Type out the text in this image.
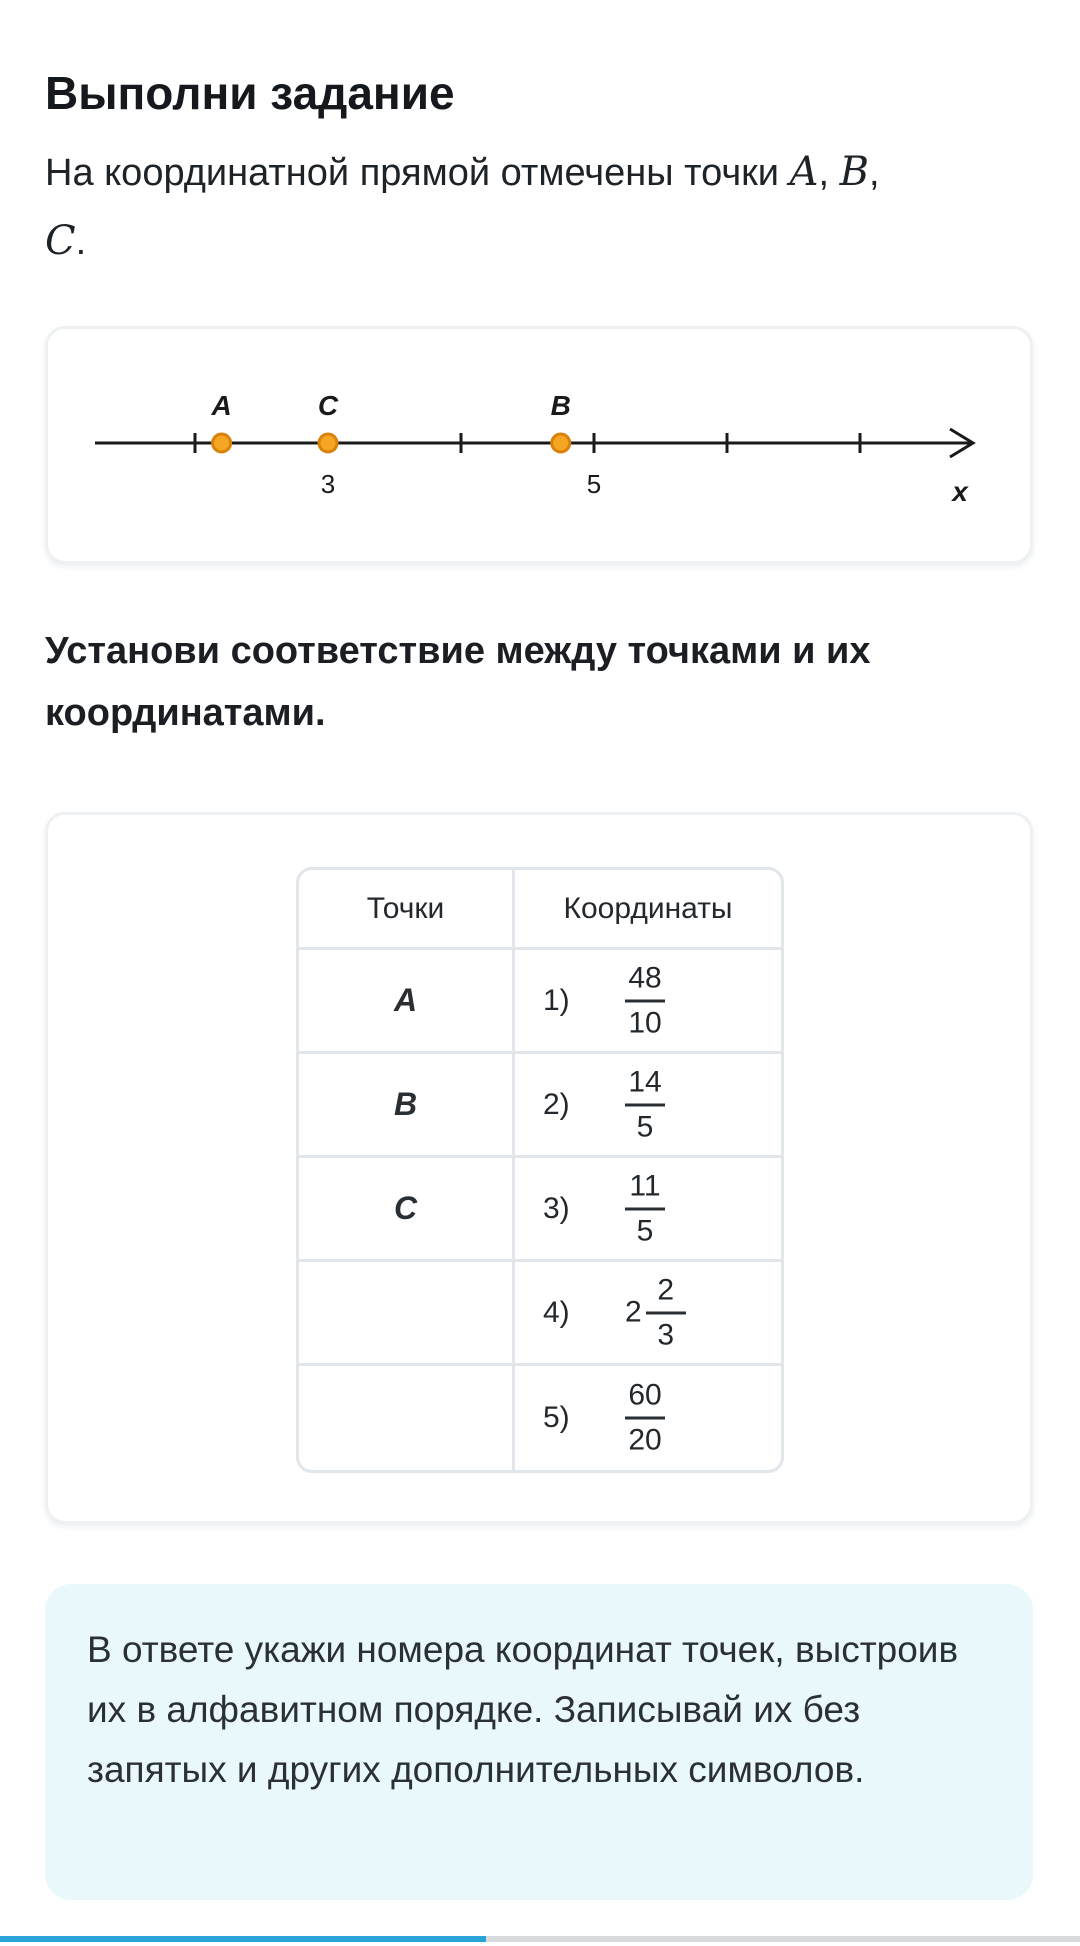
Выполни задание
На координатной прямой отмечены точки A, B,
C.
A	C	B
3	5	x
Установи соответствие между точками и их координатами.
Точки	Координаты
A	$1) \frac{48}{10}$

B	$2) \frac{14}{5}$

C	$3) \frac{11}{5}$

	4) $2 \frac{2}{3}$

	$5) \frac{60}{20}$
В ответе укажи номера координат точек, выстроив их в алфавитном порядке. Записывай их без запятых и других дополнительных символов.
